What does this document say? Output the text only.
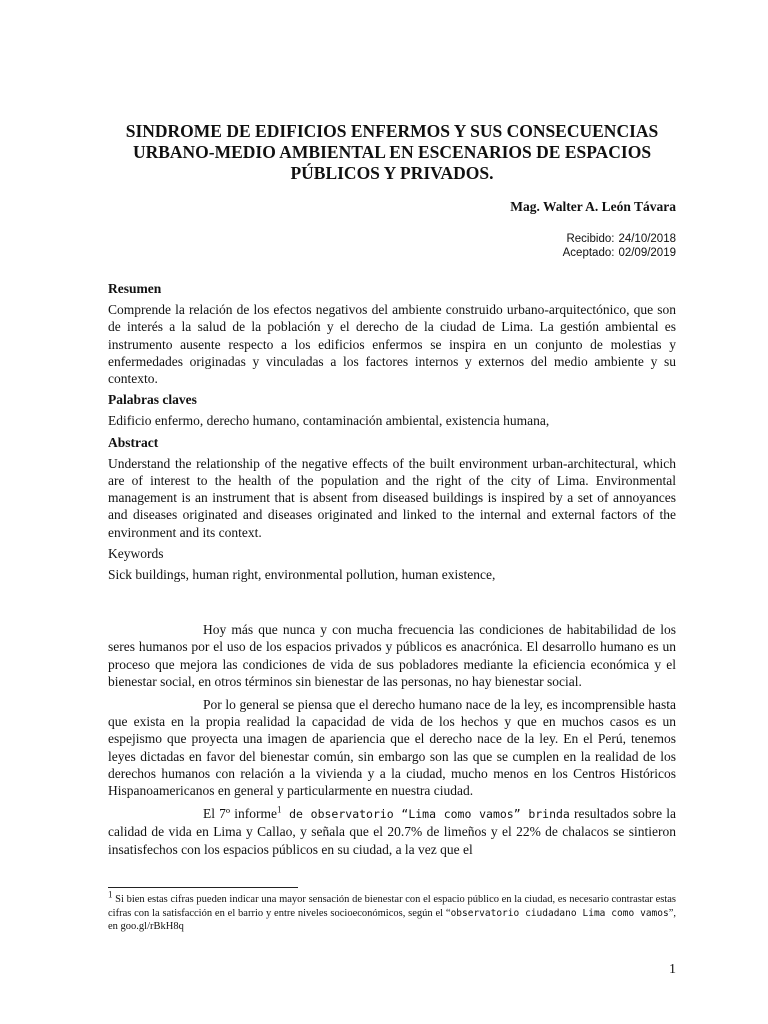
SINDROME DE EDIFICIOS ENFERMOS Y SUS CONSECUENCIAS
URBANO-MEDIO AMBIENTAL EN ESCENARIOS DE ESPACIOS
PÚBLICOS Y PRIVADOS.
Mag. Walter A. León Távara
Recibido: 24/10/2018
Aceptado: 02/09/2019
Resumen
Comprende la relación de los efectos negativos del ambiente construido urbano-arquitectónico, que son de interés a la salud de la población y el derecho de la ciudad de Lima. La gestión ambiental es instrumento ausente respecto a los edificios enfermos se inspira en un conjunto de molestias y enfermedades originadas y vinculadas a los factores internos y externos del medio ambiente y su contexto.
Palabras claves
Edificio enfermo, derecho humano, contaminación ambiental, existencia humana,
Abstract
Understand the relationship of the negative effects of the built environment urban-architectural, which are of interest to the health of the population and the right of the city of Lima. Environmental management is an instrument that is absent from diseased buildings is inspired by a set of annoyances and diseases originated and diseases originated and linked to the internal and external factors of the environment and its context.
Keywords
Sick buildings, human right, environmental pollution, human existence,
Hoy más que nunca y con mucha frecuencia las condiciones de habitabilidad de los seres humanos por el uso de los espacios privados y públicos es anacrónica. El desarrollo humano es un proceso que mejora las condiciones de vida de sus pobladores mediante la eficiencia económica y el bienestar social, en otros términos sin bienestar de las personas, no hay bienestar social.
Por lo general se piensa que el derecho humano nace de la ley, es incomprensible hasta que exista en la propia realidad la capacidad de vida de los hechos y que en muchos casos es un espejismo que proyecta una imagen de apariencia que el derecho nace de la ley. En el Perú, tenemos leyes dictadas en favor del bienestar común, sin embargo son las que se cumplen en la realidad de los derechos humanos con relación a la vivienda y a la ciudad, mucho menos en los Centros Históricos Hispanoamericanos en general y particularmente en nuestra ciudad.
El 7º informe$^1$ de observatorio “Lima como vamos” brinda resultados sobre la calidad de vida en Lima y Callao, y señala que el 20.7% de limeños y el 22% de chalacos se sintieron insatisfechos con los espacios públicos en su ciudad, a la vez que el
$^1$ Si bien estas cifras pueden indicar una mayor sensación de bienestar con el espacio público en la ciudad, es necesario contrastar estas cifras con la satisfacción en el barrio y entre niveles socioeconómicos, según el “observatorio ciudadano Lima como vamos”, en goo.gl/rBkH8q
1
